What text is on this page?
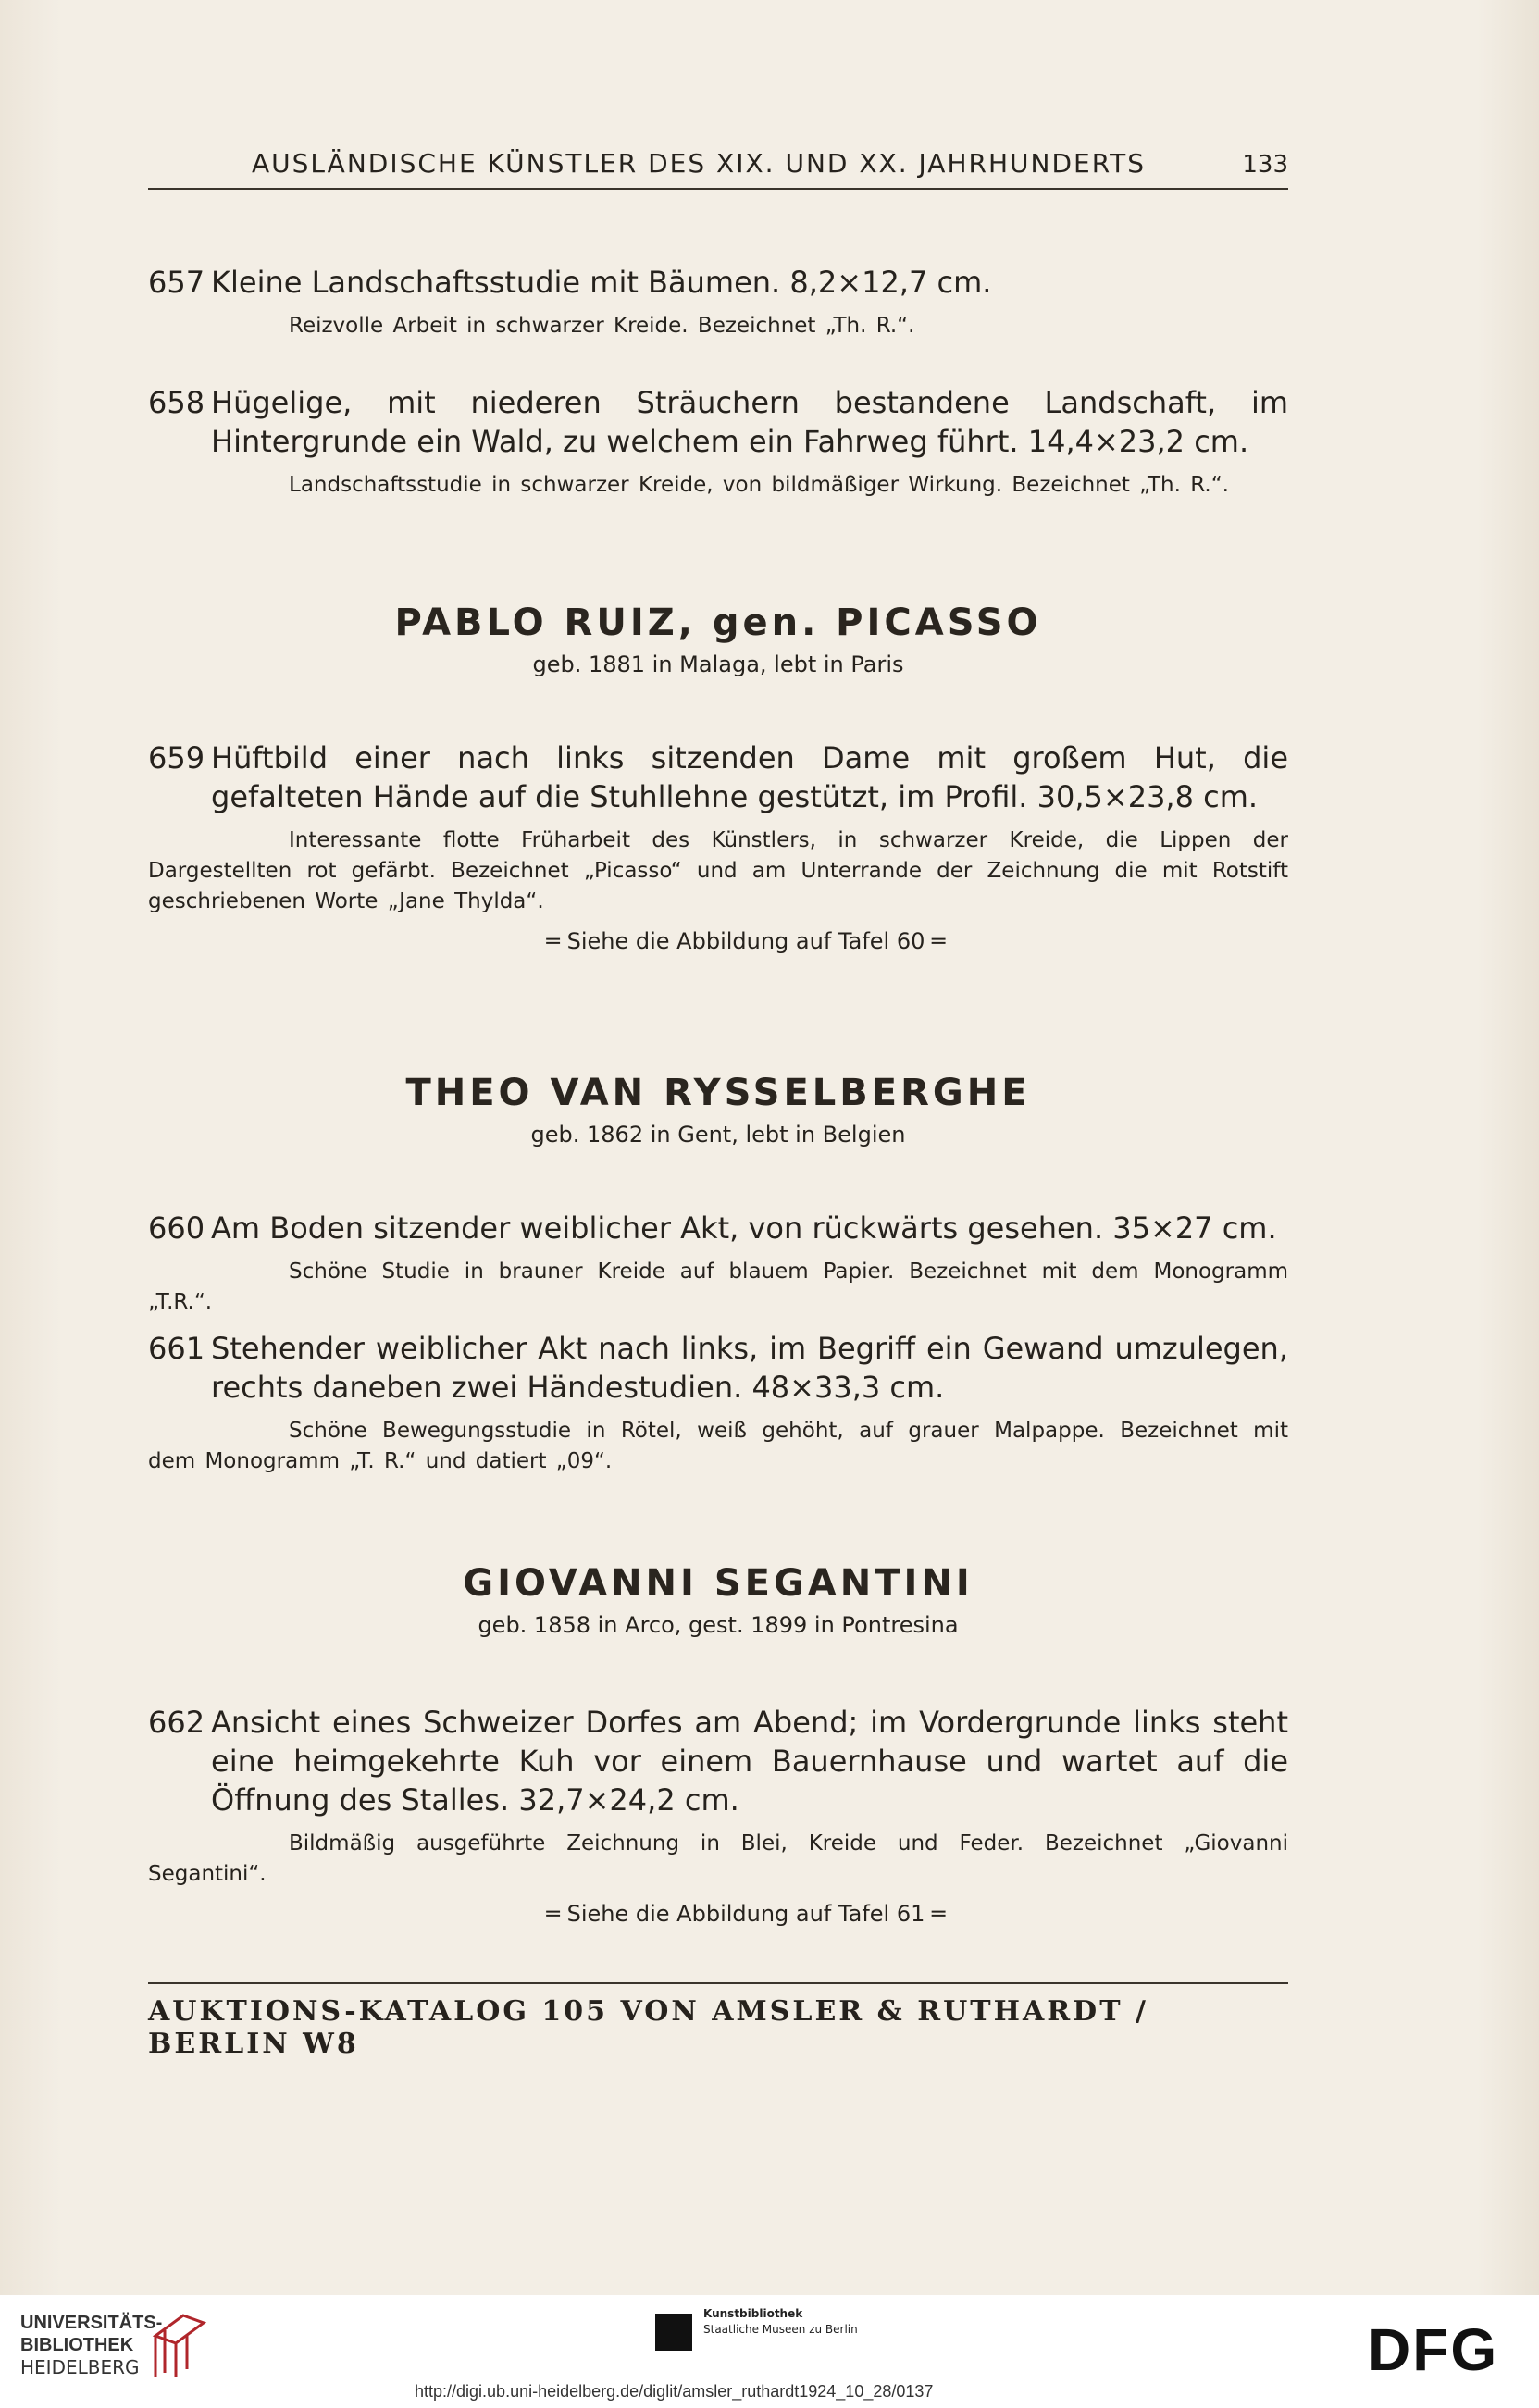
AUSLÄNDISCHE KÜNSTLER DES XIX. UND XX. JAHRHUNDERTS	133
657 Kleine Landschaftsstudie mit Bäumen. 8,2×12,7 cm.
Reizvolle Arbeit in schwarzer Kreide. Bezeichnet „Th. R.“.
658 Hügelige, mit niederen Sträuchern bestandene Landschaft, im Hintergrunde ein Wald, zu welchem ein Fahrweg führt. 14,4×23,2 cm.
Landschaftsstudie in schwarzer Kreide, von bildmäßiger Wirkung. Bezeichnet „Th. R.“.
PABLO RUIZ, gen. PICASSO
geb. 1881 in Malaga, lebt in Paris
659 Hüftbild einer nach links sitzenden Dame mit großem Hut, die gefalteten Hände auf die Stuhllehne gestützt, im Profil. 30,5×23,8 cm.
Interessante flotte Früharbeit des Künstlers, in schwarzer Kreide, die Lippen der Dargestellten rot gefärbt. Bezeichnet „Picasso“ und am Unterrande der Zeichnung die mit Rotstift geschriebenen Worte „Jane Thylda“.
═ Siehe die Abbildung auf Tafel 60 ═
THEO VAN RYSSELBERGHE
geb. 1862 in Gent, lebt in Belgien
660 Am Boden sitzender weiblicher Akt, von rückwärts gesehen. 35×27 cm.
Schöne Studie in brauner Kreide auf blauem Papier. Bezeichnet mit dem Monogramm „T.R.“.
661 Stehender weiblicher Akt nach links, im Begriff ein Gewand umzulegen, rechts daneben zwei Händestudien. 48×33,3 cm.
Schöne Bewegungsstudie in Rötel, weiß gehöht, auf grauer Malpappe. Bezeichnet mit dem Monogramm „T. R.“ und datiert „09“.
GIOVANNI SEGANTINI
geb. 1858 in Arco, gest. 1899 in Pontresina
662 Ansicht eines Schweizer Dorfes am Abend; im Vordergrunde links steht eine heimgekehrte Kuh vor einem Bauernhause und wartet auf die Öffnung des Stalles. 32,7×24,2 cm.
Bildmäßig ausgeführte Zeichnung in Blei, Kreide und Feder. Bezeichnet „Giovanni Segantini“.
═ Siehe die Abbildung auf Tafel 61 ═
AUKTIONS-KATALOG 105 VON AMSLER & RUTHARDT / BERLIN W8
UNIVERSITÄTS-
BIBLIOTHEK
HEIDELBERG
Kunstbibliothek
Staatliche Museen zu Berlin	DFG
http://digi.ub.uni-heidelberg.de/diglit/amsler_ruthardt1924_10_28/0137
